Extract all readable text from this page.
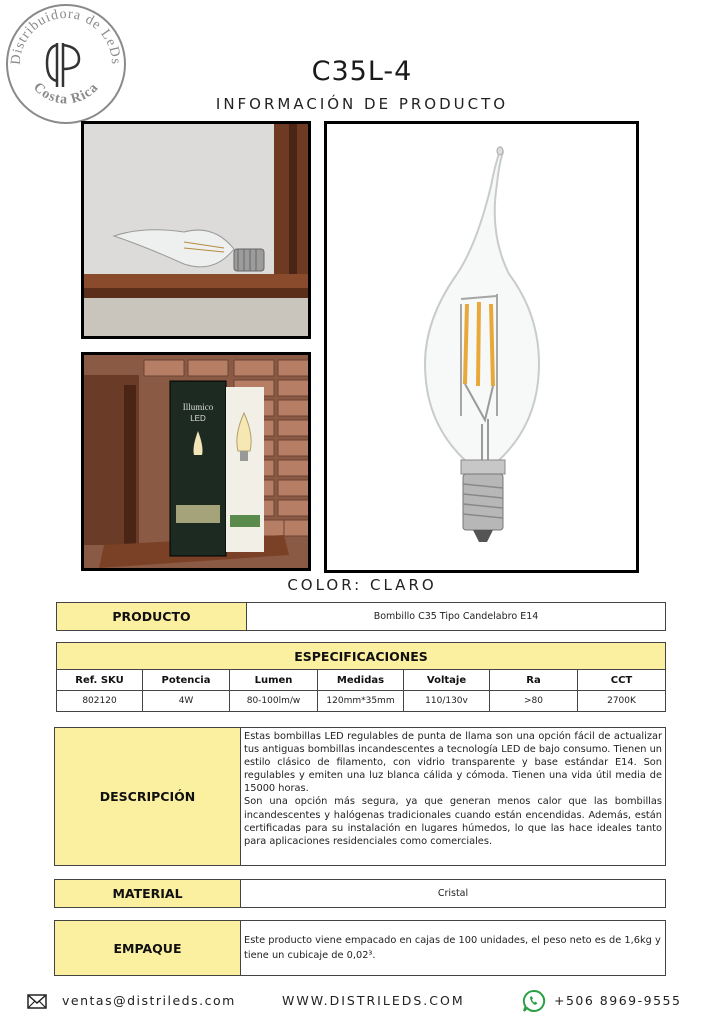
Distribuidora de LeDs
Costa Rica
C35L-4
INFORMACIÓN DE PRODUCTO
Illumico
LED
COLOR: CLARO
PRODUCTO	Bombillo C35 Tipo Candelabro E14
ESPECIFICACIONES						
Ref. SKU	Potencia	Lumen	Medidas	Voltaje	Ra	CCT
802120	4W	80-100lm/w	120mm*35mm	110/130v	>80	2700K
DESCRIPCIÓN	

Estas bombillas LED regulables de punta de llama son una opción fácil de actualizar tus antiguas bombillas incandescentes a tecnología LED de bajo consumo. Tienen un estilo clásico de filamento, con vidrio transparente y base estándar E14. Son regulables y emiten una luz blanca cálida y cómoda. Tienen una vida útil media de 15000 horas.

Son una opción más segura, ya que generan menos calor que las bombillas incandescentes y halógenas tradicionales cuando están encendidas. Además, están certificadas para su instalación en lugares húmedos, lo que las hace ideales tanto para aplicaciones residenciales como comerciales.

MATERIAL	Cristal
EMPAQUE	Este producto viene empacado en cajas de 100 unidades, el peso neto es de 1,6kg y tiene un cubicaje de 0,02³.
ventas@distrileds.com	WWW.DISTRILEDS.COM	+506 8969-9555
